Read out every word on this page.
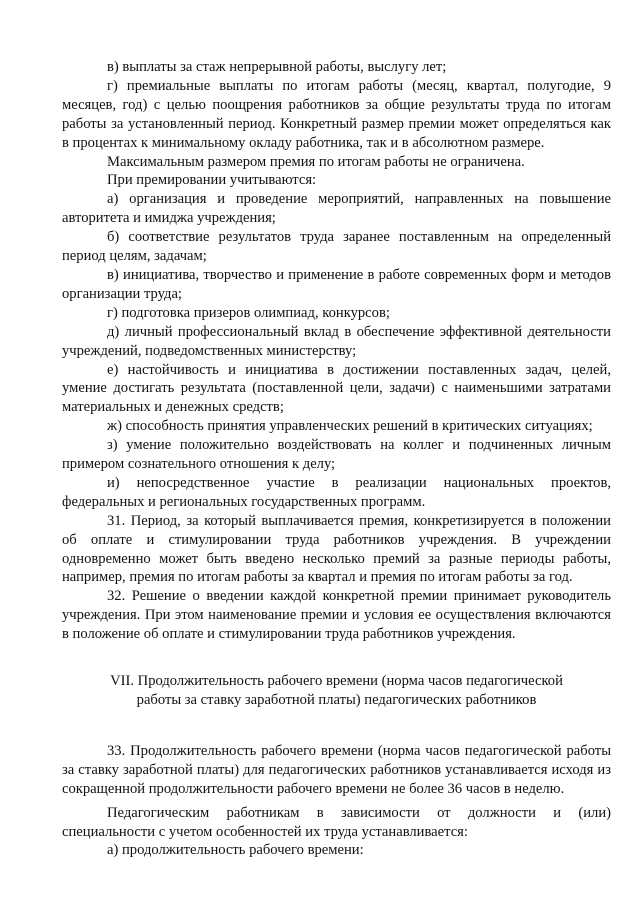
в) выплаты за стаж непрерывной работы, выслугу лет;

г) премиальные выплаты по итогам работы (месяц, квартал, полугодие, 9 месяцев, год) с целью поощрения работников за общие результаты труда по итогам работы за установленный период. Конкретный размер премии может определяться как в процентах к минимальному окладу работника, так и в абсолютном размере.

Максимальным размером премия по итогам работы не ограничена.

При премировании учитываются:

а) организация и проведение мероприятий, направленных на повышение авторитета и имиджа учреждения;

б) соответствие результатов труда заранее поставленным на определенный период целям, задачам;

в) инициатива, творчество и применение в работе современных форм и методов организации труда;

г) подготовка призеров олимпиад, конкурсов;

д) личный профессиональный вклад в обеспечение эффективной деятельности учреждений, подведомственных министерству;

е) настойчивость и инициатива в достижении поставленных задач, целей, умение достигать результата (поставленной цели, задачи) с наименьшими затратами материальных и денежных средств;

ж) способность принятия управленческих решений в критических ситуациях;

з) умение положительно воздействовать на коллег и подчиненных личным примером сознательного отношения к делу;

и) непосредственное участие в реализации национальных проектов, федеральных и региональных государственных программ.

31. Период, за который выплачивается премия, конкретизируется в положении об оплате и стимулировании труда работников учреждения. В учреждении одновременно может быть введено несколько премий за разные периоды работы, например, премия по итогам работы за квартал и премия по итогам работы за год.

32. Решение о введении каждой конкретной премии принимает руководитель учреждения. При этом наименование премии и условия ее осуществления включаются в положение об оплате и стимулировании труда работников учреждения.

VII. Продолжительность рабочего времени (норма часов педагогической работы за ставку заработной платы) педагогических работников

33. Продолжительность рабочего времени (норма часов педагогической работы за ставку заработной платы) для педагогических работников устанавливается исходя из сокращенной продолжительности рабочего времени не более 36 часов в неделю.

Педагогическим работникам в зависимости от должности и (или) специальности с учетом особенностей их труда устанавливается:

а) продолжительность рабочего времени:
